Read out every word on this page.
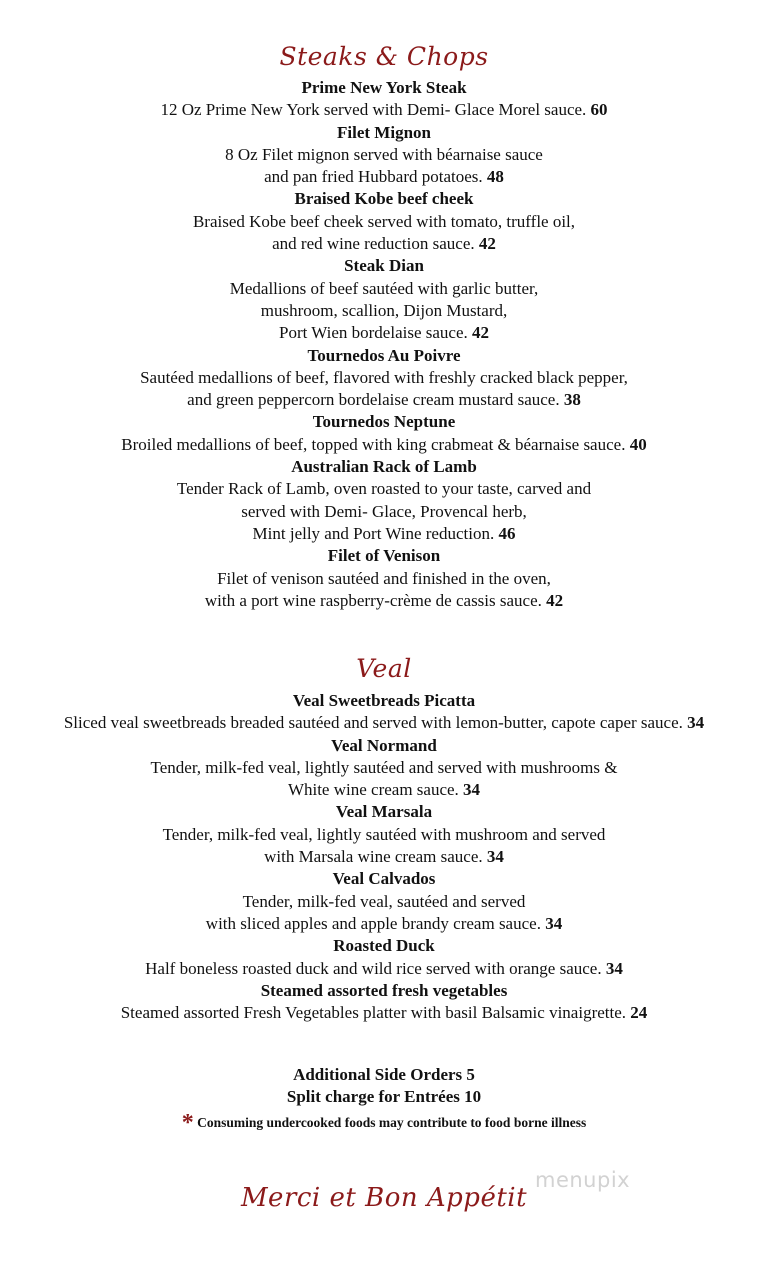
Steaks & Chops
Prime New York Steak
12 Oz Prime New York served with Demi- Glace Morel sauce. 60
Filet Mignon
8 Oz Filet mignon served with béarnaise sauce
and pan fried Hubbard potatoes. 48
Braised Kobe beef cheek
Braised Kobe beef cheek served with tomato, truffle oil,
and red wine reduction sauce. 42
Steak Dian
Medallions of beef sautéed with garlic butter,
mushroom, scallion, Dijon Mustard,
Port Wien bordelaise sauce. 42
Tournedos Au Poivre
Sautéed medallions of beef, flavored with freshly cracked black pepper,
and green peppercorn bordelaise cream mustard sauce. 38
Tournedos Neptune
Broiled medallions of beef, topped with king crabmeat & béarnaise sauce. 40
Australian Rack of Lamb
Tender Rack of Lamb, oven roasted to your taste, carved and
served with Demi- Glace, Provencal herb,
Mint jelly and Port Wine reduction. 46
Filet of Venison
Filet of venison sautéed and finished in the oven,
with a port wine raspberry-crème de cassis sauce. 42
Veal
Veal Sweetbreads Picatta
Sliced veal sweetbreads breaded sautéed and served with lemon-butter, capote caper sauce. 34
Veal Normand
Tender, milk-fed veal, lightly sautéed and served with mushrooms &
White wine cream sauce. 34
Veal Marsala
Tender, milk-fed veal, lightly sautéed with mushroom and served
with Marsala wine cream sauce. 34
Veal Calvados
Tender, milk-fed veal, sautéed and served
with sliced apples and apple brandy cream sauce. 34
Roasted Duck
Half boneless roasted duck and wild rice served with orange sauce. 34
Steamed assorted fresh vegetables
Steamed assorted Fresh Vegetables platter with basil Balsamic vinaigrette. 24
Additional Side Orders 5
Split charge for Entrées 10
* Consuming undercooked foods may contribute to food borne illness
menupix
Merci et Bon Appétit
